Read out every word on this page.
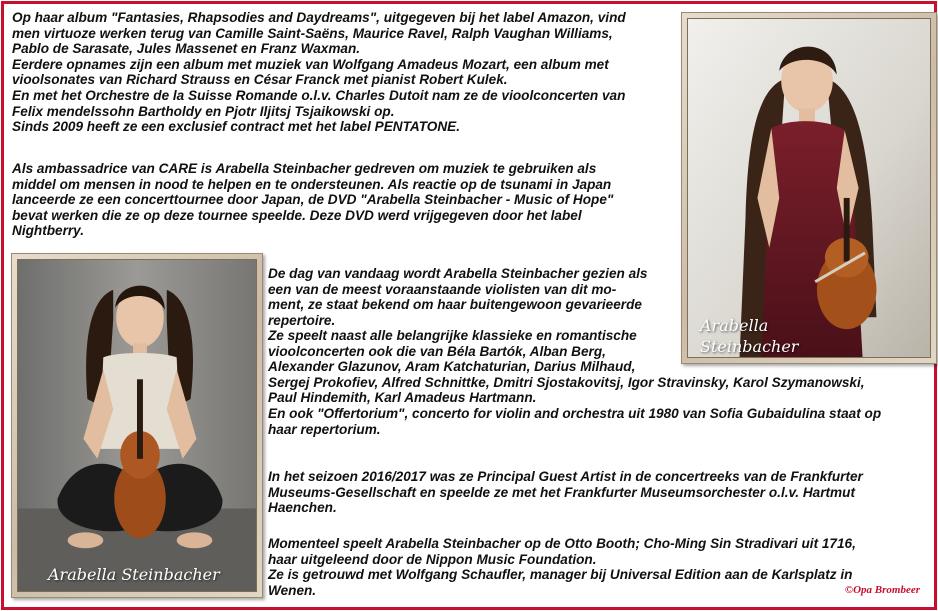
Op haar album "Fantasies, Rhapsodies and Daydreams", uitgegeven bij het label Amazon, vind
men virtuoze werken terug van Camille Saint-Saëns, Maurice Ravel, Ralph Vaughan Williams,
Pablo de Sarasate, Jules Massenet en Franz Waxman.
Eerdere opnames zijn een album met muziek van Wolfgang Amadeus Mozart, een album met
vioolsonates van Richard Strauss en César Franck met pianist Robert Kulek.
En met het Orchestre de la Suisse Romande o.l.v. Charles Dutoit nam ze de vioolconcerten van
Felix mendelssohn Bartholdy en Pjotr Iljitsj Tsjaikowski op.
Sinds 2009 heeft ze een exclusief contract met het label PENTATONE.
Als ambassadrice van CARE is Arabella Steinbacher gedreven om muziek te gebruiken als
middel om mensen in nood te helpen en te ondersteunen. Als reactie op de tsunami in Japan
lanceerde ze een concerttournee door Japan, de DVD "Arabella Steinbacher - Music of Hope"
bevat werken die ze op deze tournee speelde. Deze DVD werd vrijgegeven door het label
Nightberry.
De dag van vandaag wordt Arabella Steinbacher gezien als
een van de meest voraanstaande violisten van dit mo-
ment, ze staat bekend om haar buitengewoon gevarieerde
repertoire.
Ze speelt naast alle belangrijke klassieke en romantische
vioolconcerten ook die van Béla Bartók, Alban Berg,
Alexander Glazunov, Aram Katchaturian, Darius Milhaud,
Sergej Prokofiev, Alfred Schnittke, Dmitri Sjostakovitsj, Igor Stravinsky, Karol Szymanowski,
Paul Hindemith, Karl Amadeus Hartmann.
En ook "Offertorium", concerto for violin and orchestra uit 1980 van Sofia Gubaidulina staat op
haar repertorium.
In het seizoen 2016/2017 was ze Principal Guest Artist in de concertreeks van de Frankfurter
Museums-Gesellschaft en speelde ze met het Frankfurter Museumsorchester o.l.v. Hartmut
Haenchen.
Momenteel speelt Arabella Steinbacher op de Otto Booth; Cho-Ming Sin Stradivari uit 1716,
haar uitgeleend door de Nippon Music Foundation.
Ze is getrouwd met Wolfgang Schaufler, manager bij Universal Edition aan de Karlsplatz in
Wenen.
Arabella
Steinbacher
Arabella Steinbacher
©Opa Brombeer
